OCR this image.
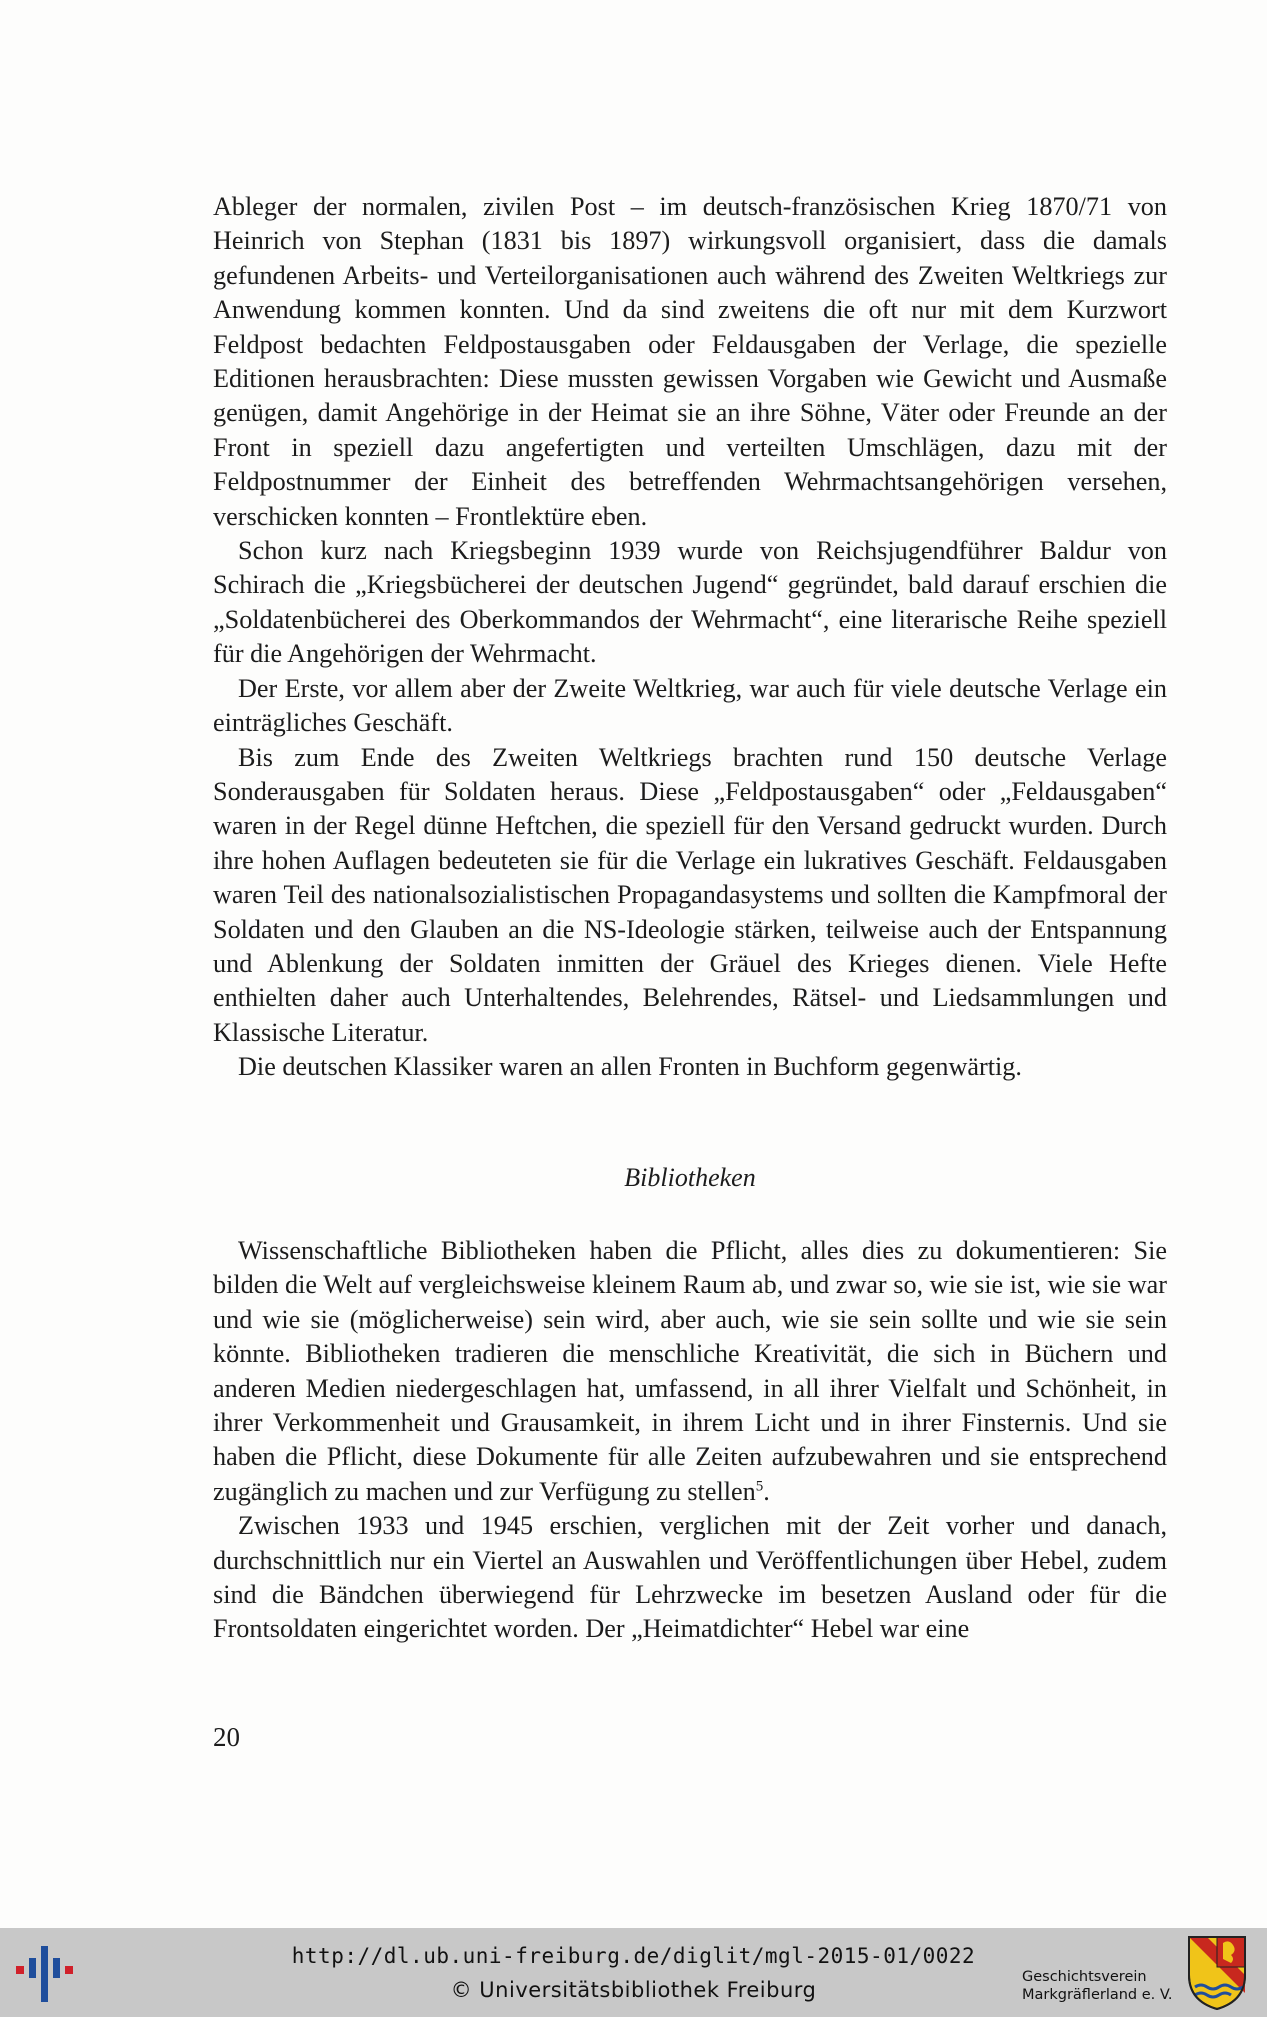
Ableger der normalen, zivilen Post – im deutsch-französischen Krieg 1870/71 von Heinrich von Stephan (1831 bis 1897) wirkungsvoll organisiert, dass die damals gefundenen Arbeits- und Verteilorganisationen auch während des Zweiten Weltkriegs zur Anwendung kommen konnten. Und da sind zweitens die oft nur mit dem Kurzwort Feldpost bedachten Feldpostausgaben oder Feldausgaben der Verlage, die spezielle Editionen herausbrachten: Diese mussten gewissen Vorgaben wie Gewicht und Ausmaße genügen, damit Angehörige in der Heimat sie an ihre Söhne, Väter oder Freunde an der Front in speziell dazu angefertigten und verteilten Umschlägen, dazu mit der Feldpostnummer der Einheit des betreffenden Wehrmachtsangehörigen versehen, verschicken konnten – Frontlektüre eben.

Schon kurz nach Kriegsbeginn 1939 wurde von Reichsjugendführer Baldur von Schirach die „Kriegsbücherei der deutschen Jugend“ gegründet, bald darauf erschien die „Soldatenbücherei des Oberkommandos der Wehrmacht“, eine literarische Reihe speziell für die Angehörigen der Wehrmacht.

Der Erste, vor allem aber der Zweite Weltkrieg, war auch für viele deutsche Verlage ein einträgliches Geschäft.

Bis zum Ende des Zweiten Weltkriegs brachten rund 150 deutsche Verlage Sonderausgaben für Soldaten heraus. Diese „Feldpostausgaben“ oder „Feldausgaben“ waren in der Regel dünne Heftchen, die speziell für den Versand gedruckt wurden. Durch ihre hohen Auflagen bedeuteten sie für die Verlage ein lukratives Geschäft. Feldausgaben waren Teil des nationalsozialistischen Propagandasystems und sollten die Kampfmoral der Soldaten und den Glauben an die NS-Ideologie stärken, teilweise auch der Entspannung und Ablenkung der Soldaten inmitten der Gräuel des Krieges dienen. Viele Hefte enthielten daher auch Unterhaltendes, Belehrendes, Rätsel- und Liedsammlungen und Klassische Literatur.

Die deutschen Klassiker waren an allen Fronten in Buchform gegenwärtig.

Bibliotheken

Wissenschaftliche Bibliotheken haben die Pflicht, alles dies zu dokumentieren: Sie bilden die Welt auf vergleichsweise kleinem Raum ab, und zwar so, wie sie ist, wie sie war und wie sie (möglicherweise) sein wird, aber auch, wie sie sein sollte und wie sie sein könnte. Bibliotheken tradieren die menschliche Kreativität, die sich in Büchern und anderen Medien niedergeschlagen hat, umfassend, in all ihrer Vielfalt und Schönheit, in ihrer Verkommenheit und Grausamkeit, in ihrem Licht und in ihrer Finsternis. Und sie haben die Pflicht, diese Dokumente für alle Zeiten aufzubewahren und sie entsprechend zugänglich zu machen und zur Verfügung zu stellen$^5$.

Zwischen 1933 und 1945 erschien, verglichen mit der Zeit vorher und danach, durchschnittlich nur ein Viertel an Auswahlen und Veröffentlichungen über Hebel, zudem sind die Bändchen überwiegend für Lehrzwecke im besetzen Ausland oder für die Frontsoldaten eingerichtet worden. Der „Heimatdichter“ Hebel war eine

20
http://dl.ub.uni-freiburg.de/diglit/mgl-2015-01/0022
© Universitätsbibliothek Freiburg
Geschichtsverein
Markgräflerland e. V.
